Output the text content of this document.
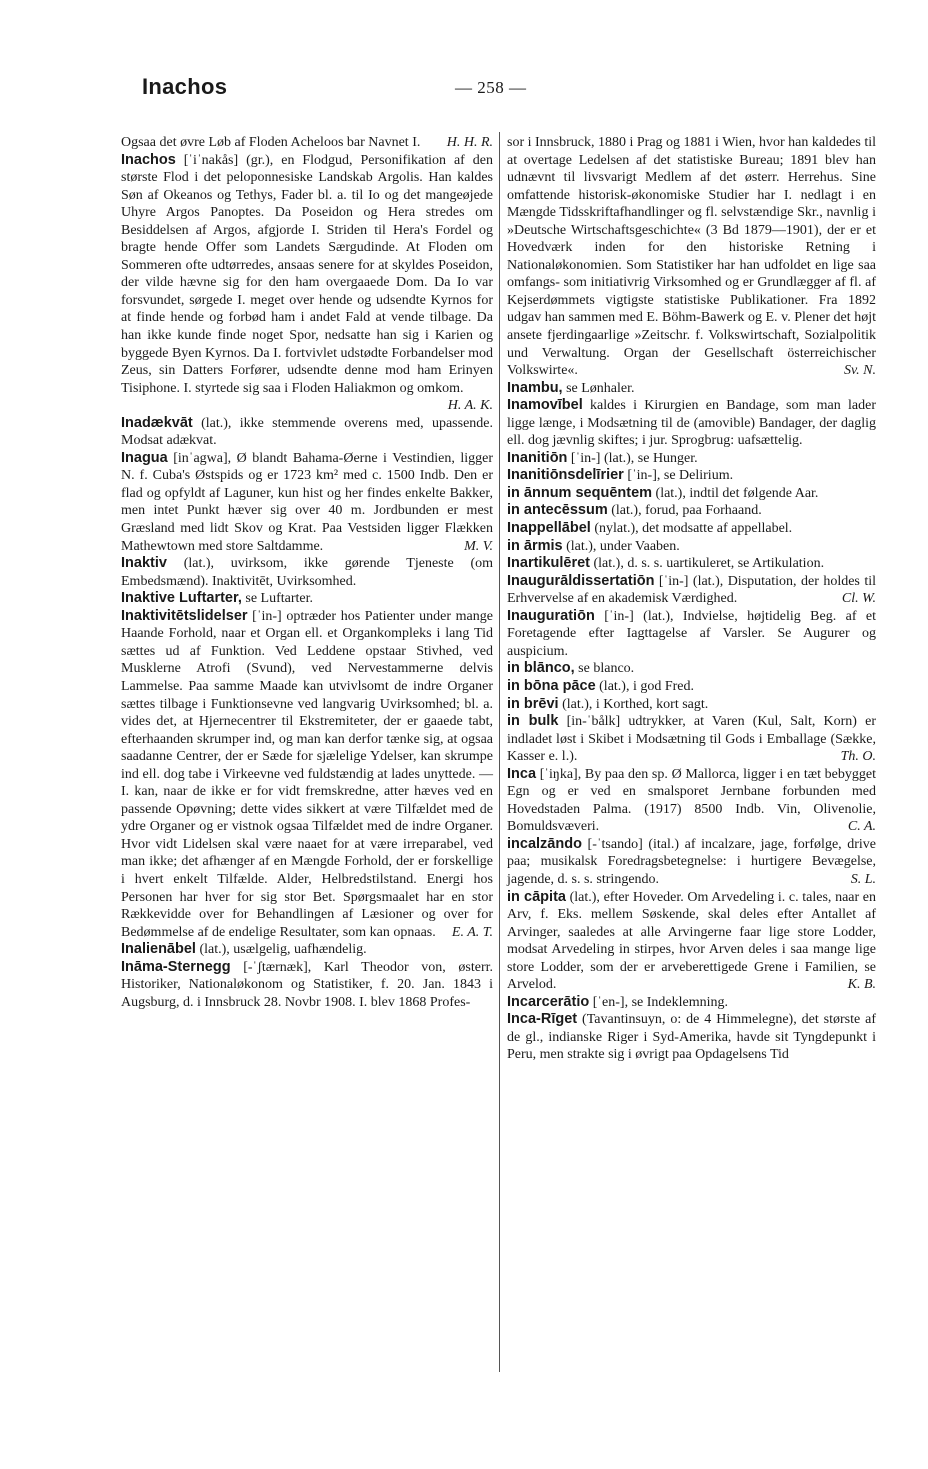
Inachos	— 258 —

Ogsaa det øvre Løb af Floden Acheloos bar Navnet I.	H. H. R.

Inachos [ˈiˈnakås] (gr.), en Flodgud, Personifikation af den største Flod i det peloponnesiske Landskab Argolis. Han kaldes Søn af Okeanos og Tethys, Fader bl. a. til Io og det mangeøjede Uhyre Argos Panoptes. Da Poseidon og Hera stredes om Besiddelsen af Argos, afgjorde I. Striden til Hera's Fordel og bragte hende Offer som Landets Særgudinde. At Floden om Sommeren ofte udtørredes, ansaas senere for at skyldes Poseidon, der vilde hævne sig for den ham overgaaede Dom. Da Io var forsvundet, sørgede I. meget over hende og udsendte Kyrnos for at finde hende og forbød ham i andet Fald at vende tilbage. Da han ikke kunde finde noget Spor, nedsatte han sig i Karien og byggede Byen Kyrnos. Da I. fortvivlet udstødte Forbandelser mod Zeus, sin Datters Forfører, udsendte denne mod ham Erinyen Tisiphone. I. styrtede sig saa i Floden Haliakmon og omkom.
H. A. K.

Inadækvāt (lat.), ikke stemmende overens med, upassende. Modsat adækvat.

Inagua [inˈagwa], Ø blandt Bahama-Øerne i Vestindien, ligger N. f. Cuba's Østspids og er 1723 km² med c. 1500 Indb. Den er flad og opfyldt af Laguner, kun hist og her findes enkelte Bakker, men intet Punkt hæver sig over 40 m. Jordbunden er mest Græsland med lidt Skov og Krat. Paa Vestsiden ligger Flækken Mathewtown med store Saltdamme.	M. V.

Inaktiv (lat.), uvirksom, ikke gørende Tjeneste (om Embedsmænd). Inaktivitēt, Uvirksomhed.

Inaktive Luftarter, se Luftarter.

Inaktivitētslidelser [ˈin-] optræder hos Patienter under mange Haande Forhold, naar et Organ ell. et Organkompleks i lang Tid sættes ud af Funktion. Ved Leddene opstaar Stivhed, ved Musklerne Atrofi (Svund), ved Nervestammerne delvis Lammelse. Paa samme Maade kan utvivlsomt de indre Organer sættes tilbage i Funktionsevne ved langvarig Uvirksomhed; bl. a. vides det, at Hjernecentrer til Ekstremiteter, der er gaaede tabt, efterhaanden skrumper ind, og man kan derfor tænke sig, at ogsaa saadanne Centrer, der er Sæde for sjælelige Ydelser, kan skrumpe ind ell. dog tabe i Virkeevne ved fuldstændig at lades unyttede. — I. kan, naar de ikke er for vidt fremskredne, atter hæves ved en passende Opøvning; dette vides sikkert at være Tilfældet med de ydre Organer og er vistnok ogsaa Tilfældet med de indre Organer. Hvor vidt Lidelsen skal være naaet for at være irreparabel, ved man ikke; det afhænger af en Mængde Forhold, der er forskellige i hvert enkelt Tilfælde. Alder, Helbredstilstand. Energi hos Personen har hver for sig stor Bet. Spørgsmaalet har en stor Rækkevidde over for Behandlingen af Læsioner og over for Bedømmelse af de endelige Resultater, som kan opnaas.	E. A. T.

Inalienābel (lat.), usælgelig, uafhændelig.

Ināma-Sternegg [-ˈʃtærnæk], Karl Theodor von, østerr. Historiker, Nationaløkonom og Statistiker, f. 20. Jan. 1843 i Augsburg, d. i Innsbruck 28. Novbr 1908. I. blev 1868 Profes-

sor i Innsbruck, 1880 i Prag og 1881 i Wien, hvor han kaldedes til at overtage Ledelsen af det statistiske Bureau; 1891 blev han udnævnt til livsvarigt Medlem af det østerr. Herrehus. Sine omfattende historisk-økonomiske Studier har I. nedlagt i en Mængde Tidsskriftafhandlinger og fl. selvstændige Skr., navnlig i »Deutsche Wirtschaftsgeschichte« (3 Bd 1879—1901), der er et Hovedværk inden for den historiske Retning i Nationaløkonomien. Som Statistiker har han udfoldet en lige saa omfangs- som initiativrig Virksomhed og er Grundlægger af fl. af Kejserdømmets vigtigste statistiske Publikationer. Fra 1892 udgav han sammen med E. Böhm-Bawerk og E. v. Plener det højt ansete fjerdingaarlige »Zeitschr. f. Volkswirtschaft, Sozialpolitik und Verwaltung. Organ der Gesellschaft österreichischer Volkswirte«.	Sv. N.

Inambu, se Lønhaler.

Inamovībel kaldes i Kirurgien en Bandage, som man lader ligge længe, i Modsætning til de (amovible) Bandager, der daglig ell. dog jævnlig skiftes; i jur. Sprogbrug: uafsættelig.

Inanitiōn [ˈin-] (lat.), se Hunger.

Inanitiōnsdelīrier [ˈin-], se Delirium.

in ānnum sequēntem (lat.), indtil det følgende Aar.

in antecēssum (lat.), forud, paa Forhaand.

Inappellābel (nylat.), det modsatte af appellabel.

in ārmis (lat.), under Vaaben.

Inartikulēret (lat.), d. s. s. uartikuleret, se Artikulation.

Inaugurāldissertatiōn [ˈin-] (lat.), Disputation, der holdes til Erhvervelse af en akademisk Værdighed.	Cl. W.

Inauguratiōn [ˈin-] (lat.), Indvielse, højtidelig Beg. af et Foretagende efter Iagttagelse af Varsler. Se Augurer og auspicium.

in blānco, se blanco.

in bōna pāce (lat.), i god Fred.

in brēvi (lat.), i Korthed, kort sagt.

in bulk [in-ˈbålk] udtrykker, at Varen (Kul, Salt, Korn) er indladet løst i Skibet i Modsætning til Gods i Emballage (Sække, Kasser e. l.).	Th. O.

Inca [ˈiŋka], By paa den sp. Ø Mallorca, ligger i en tæt bebygget Egn og er ved en smalsporet Jernbane forbunden med Hovedstaden Palma. (1917) 8500 Indb. Vin, Olivenolie, Bomuldsvæveri.	C. A.

incalzāndo [-ˈtsando] (ital.) af incalzare, jage, forfølge, drive paa; musikalsk Foredragsbetegnelse: i hurtigere Bevægelse, jagende, d. s. s. stringendo.	S. L.

in cāpita (lat.), efter Hoveder. Om Arvedeling i. c. tales, naar en Arv, f. Eks. mellem Søskende, skal deles efter Antallet af Arvinger, saaledes at alle Arvingerne faar lige store Lodder, modsat Arvedeling in stirpes, hvor Arven deles i saa mange lige store Lodder, som der er arveberettigede Grene i Familien, se Arvelod.	K. B.

Incarcerātio [ˈen-], se Indeklemning.

Inca-Rīget (Tavantinsuyn, o: de 4 Himmelegne), det største af de gl., indianske Riger i Syd-Amerika, havde sit Tyngdepunkt i Peru, men strakte sig i øvrigt paa Opdagelsens Tid
